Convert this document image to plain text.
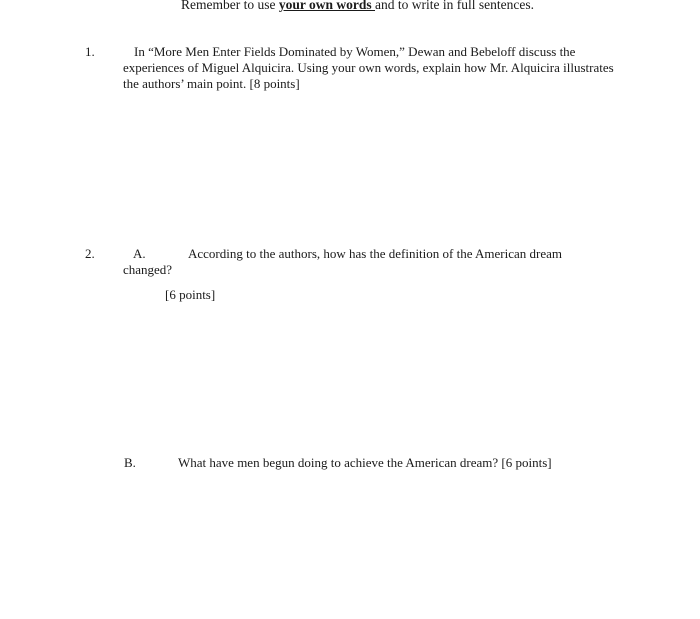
Remember to use your own words and to write in full sentences.
1.	In “More Men Enter Fields Dominated by Women,” Dewan and Bebeloff discuss the experiences of Miguel Alquicira. Using your own words, explain how Mr. Alquicira illustrates the authors’ main point. [8 points]
2.	A.	According to the authors, how has the definition of the American dream
changed?
[6 points]
B.	What have men begun doing to achieve the American dream? [6 points]
